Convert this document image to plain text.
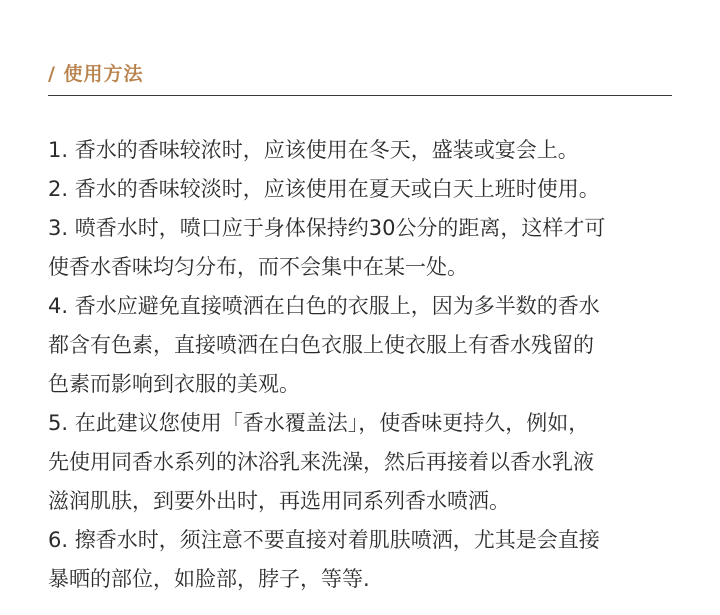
/ 使用方法
1. 香水的香味较浓时，应该使用在冬天，盛装或宴会上。
2. 香水的香味较淡时，应该使用在夏天或白天上班时使用。
3. 喷香水时，喷口应于身体保持约30公分的距离，这样才可
使香水香味均匀分布，而不会集中在某一处。
4. 香水应避免直接喷洒在白色的衣服上，因为多半数的香水
都含有色素，直接喷洒在白色衣服上使衣服上有香水残留的
色素而影响到衣服的美观。
5. 在此建议您使用「香水覆盖法」，使香味更持久，例如，
先使用同香水系列的沐浴乳来洗澡，然后再接着以香水乳液
滋润肌肤，到要外出时，再选用同系列香水喷洒。
6. 擦香水时，须注意不要直接对着肌肤喷洒，尤其是会直接
暴晒的部位，如脸部，脖子，等等.
